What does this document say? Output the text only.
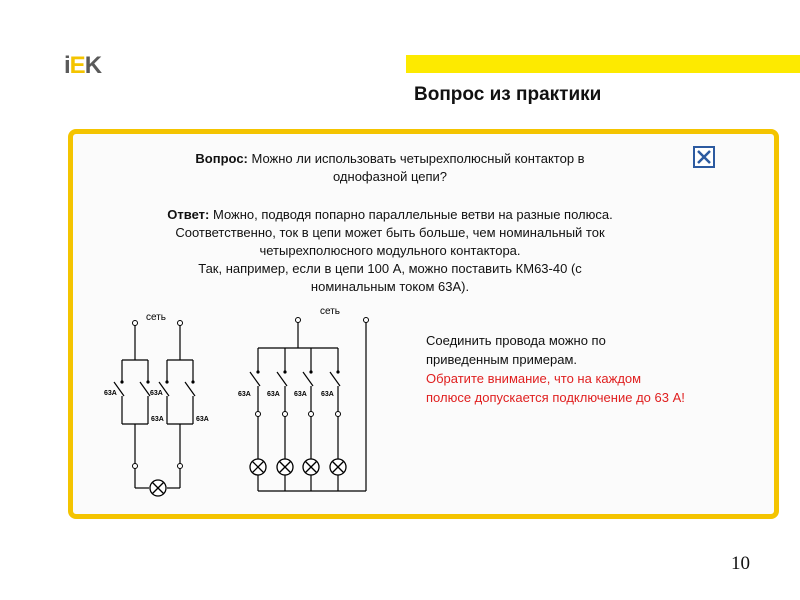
iEK
Вопрос из практики
Вопрос: Можно ли использовать четырехполюсный контактор в
однофазной цепи?
Ответ: Можно, подводя попарно параллельные ветви на разные полюса.
Соответственно, ток в цепи может быть больше, чем номинальный ток
четырехполюсного модульного контактора.
Так, например, если в цепи 100 А, можно поставить КМ63-40 (с
номинальным током 63А).
сеть
63A	63A
63A	63A
сеть
63A 63A 63A 63A
Соединить провода можно по
приведенным примерам.
Обратите внимание, что на каждом
полюсе допускается подключение до 63 А!
10
